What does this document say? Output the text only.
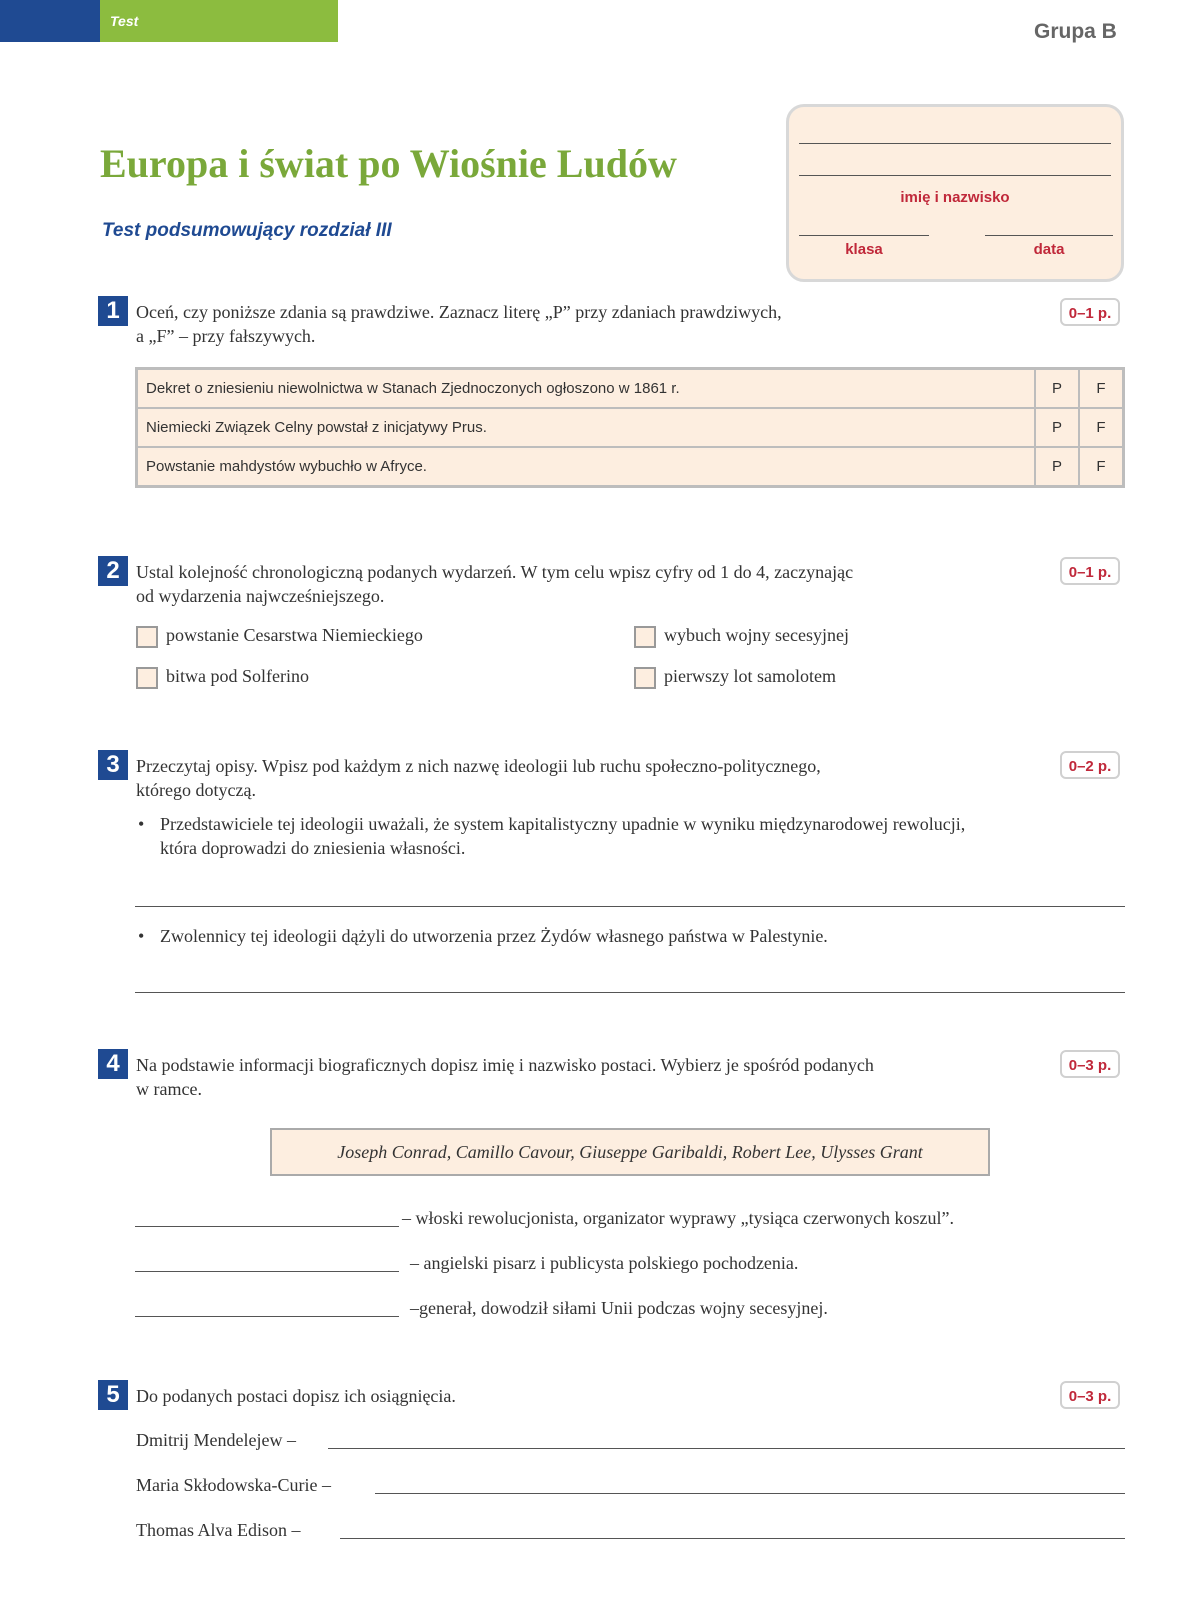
Test	Grupa B
Europa i świat po Wiośnie Ludów
Test podsumowujący rozdział III
imię i nazwisko
klasa	data
1 Oceń, czy poniższe zdania są prawdziwe. Zaznacz literę „P” przy zdaniach prawdziwych,
a „F” – przy fałszywych.
0–1 p.
Dekret o zniesieniu niewolnictwa w Stanach Zjednoczonych ogłoszono w 1861 r.	P	F
Niemiecki Związek Celny powstał z inicjatywy Prus.	P	F
Powstanie mahdystów wybuchło w Afryce.	P	F
2 Ustal kolejność chronologiczną podanych wydarzeń. W tym celu wpisz cyfry od 1 do 4, zaczynając
od wydarzenia najwcześniejszego.
0–1 p.
powstanie Cesarstwa Niemieckiego	wybuch wojny secesyjnej
bitwa pod Solferino	pierwszy lot samolotem
3 Przeczytaj opisy. Wpisz pod każdym z nich nazwę ideologii lub ruchu społeczno-politycznego,
którego dotyczą.
0–2 p.
• Przedstawiciele tej ideologii uważali, że system kapitalistyczny upadnie w wyniku międzynarodowej rewolucji,
która doprowadzi do zniesienia własności.
• Zwolennicy tej ideologii dążyli do utworzenia przez Żydów własnego państwa w Palestynie.
4 Na podstawie informacji biograficznych dopisz imię i nazwisko postaci. Wybierz je spośród podanych
w ramce.
0–3 p.
Joseph Conrad, Camillo Cavour, Giuseppe Garibaldi, Robert Lee, Ulysses Grant
– włoski rewolucjonista, organizator wyprawy „tysiąca czerwonych koszul”.
– angielski pisarz i publicysta polskiego pochodzenia.
–generał, dowodził siłami Unii podczas wojny secesyjnej.
5 Do podanych postaci dopisz ich osiągnięcia.	0–3 p.
Dmitrij Mendelejew –
Maria Skłodowska-Curie –
Thomas Alva Edison –
